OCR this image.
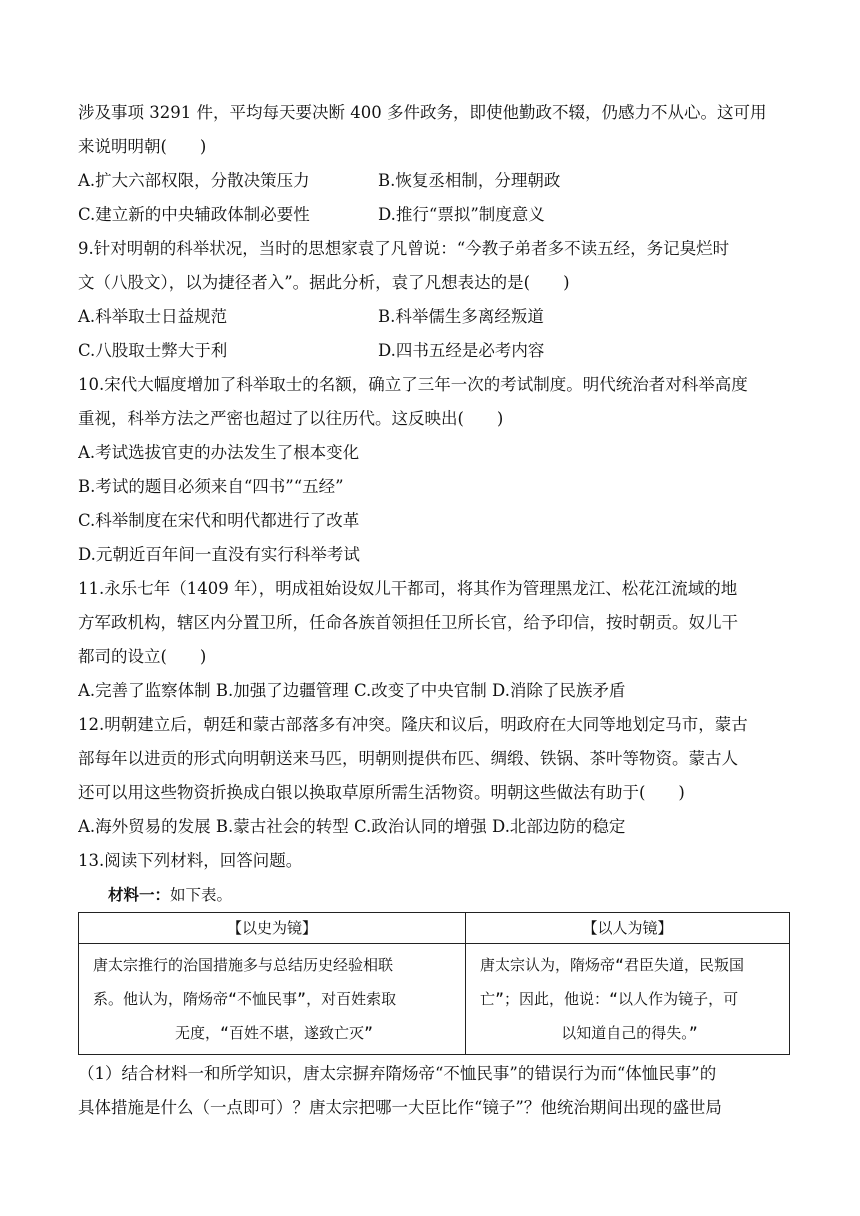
涉及事项 3291 件，平均每天要决断 400 多件政务，即使他勤政不辍，仍感力不从心。这可用
来说明明朝(　　)
A.扩大六部权限，分散决策压力	B.恢复丞相制，分理朝政
C.建立新的中央辅政体制必要性	D.推行“票拟”制度意义
9.针对明朝的科举状况，当时的思想家袁了凡曾说：“今教子弟者多不读五经，务记臭烂时
文（八股文），以为捷径者入”。据此分析，袁了凡想表达的是(　　)
A.科举取士日益规范	B.科举儒生多离经叛道
C.八股取士弊大于利	D.四书五经是必考内容
10.宋代大幅度增加了科举取士的名额，确立了三年一次的考试制度。明代统治者对科举高度
重视，科举方法之严密也超过了以往历代。这反映出(　　)
A.考试选拔官吏的办法发生了根本变化
B.考试的题目必须来自“四书”“五经”
C.科举制度在宋代和明代都进行了改革
D.元朝近百年间一直没有实行科举考试
11.永乐七年（1409 年），明成祖始设奴儿干都司，将其作为管理黑龙江、松花江流域的地
方军政机构，辖区内分置卫所，任命各族首领担任卫所长官，给予印信，按时朝贡。奴儿干
都司的设立(　　)
A.完善了监察体制 B.加强了边疆管理 C.改变了中央官制 D.消除了民族矛盾
12.明朝建立后，朝廷和蒙古部落多有冲突。隆庆和议后，明政府在大同等地划定马市，蒙古
部每年以进贡的形式向明朝送来马匹，明朝则提供布匹、绸缎、铁锅、茶叶等物资。蒙古人
还可以用这些物资折换成白银以换取草原所需生活物资。明朝这些做法有助于(　　)
A.海外贸易的发展 B.蒙古社会的转型 C.政治认同的增强 D.北部边防的稳定
13.阅读下列材料，回答问题。
材料一：如下表。
【以史为镜】	【以人为镜】

唐太宗推行的治国措施多与总结历史经验相联
系。他认为，隋炀帝“不恤民事”，对百姓索取
无度，“百姓不堪，遂致亡灭”	唐太宗认为，隋炀帝“君臣失道，民叛国
亡”；因此，他说：“以人作为镜子，可
以知道自己的得失。”
（1）结合材料一和所学知识，唐太宗摒弃隋炀帝“不恤民事”的错误行为而“体恤民事”的
具体措施是什么（一点即可）？唐太宗把哪一大臣比作“镜子”？他统治期间出现的盛世局
